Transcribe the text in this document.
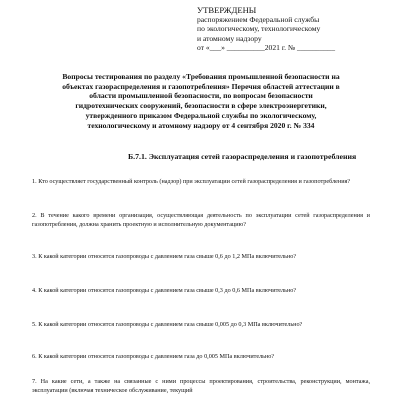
УТВЕРЖДЕНЫ
распоряжением Федеральной службы
по экологическому, технологическому
и атомному надзору
от «___» __________2021 г. № __________
Вопросы тестирования по разделу «Требования промышленной безопасности на объектах газораспределения и газопотребления» Перечня областей аттестации в области промышленной безопасности, по вопросам безопасности гидротехнических сооружений, безопасности в сфере электроэнергетики, утвержденного приказом Федеральной службы по экологическому, технологическому и атомному надзору от 4 сентября 2020 г. № 334
Б.7.1. Эксплуатация сетей газораспределения и газопотребления
1. Кто осуществляет государственный контроль (надзор) при эксплуатации сетей газораспределения и газопотребления?
2. В течение какого времени организация, осуществляющая деятельность по эксплуатации сетей газораспределения и газопотребления, должна хранить проектную и исполнительную документацию?
3. К какой категории относятся газопроводы с давлением газа свыше 0,6 до 1,2 МПа включительно?
4. К какой категории относятся газопроводы с давлением газа свыше 0,3 до 0,6 МПа включительно?
5. К какой категории относятся газопроводы с давлением газа свыше 0,005 до 0,3 МПа включительно?
6. К какой категории относятся газопроводы с давлением газа до 0,005 МПа включительно?
7. На какие сети, а также на связанные с ними процессы проектирования, строительства, реконструкции, монтажа, эксплуатации (включая техническое обслуживание, текущий
